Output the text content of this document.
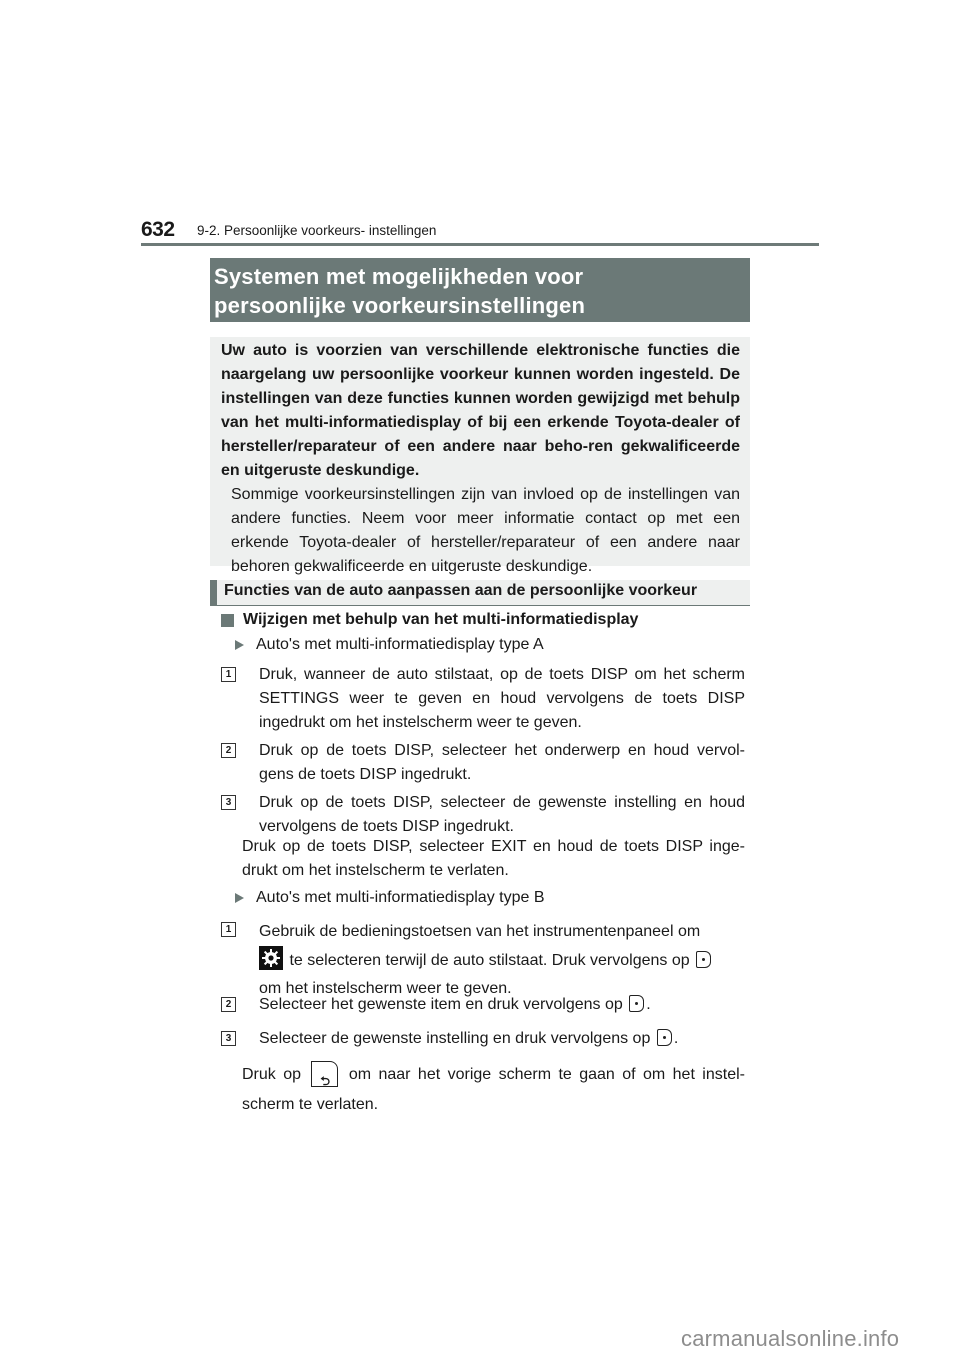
632 9-2. Persoonlijke voorkeurs- instellingen
Systemen met mogelijkheden voor
persoonlijke voorkeursinstellingen
Uw auto is voorzien van verschillende elektronische functies die naargelang uw persoonlijke voorkeur kunnen worden ingesteld. De instellingen van deze functies kunnen worden gewijzigd met behulp van het multi-informatiedisplay of bij een erkende Toyota-dealer of hersteller/reparateur of een andere naar beho-ren gekwalificeerde en uitgeruste deskundige.
Sommige voorkeursinstellingen zijn van invloed op de instellingen van andere functies. Neem voor meer informatie contact op met een erkende Toyota-dealer of hersteller/reparateur of een andere naar behoren gekwalificeerde en uitgeruste deskundige.
Functies van de auto aanpassen aan de persoonlijke voorkeur
Wijzigen met behulp van het multi-informatiedisplay
Auto's met multi-informatiedisplay type A
1 Druk, wanneer de auto stilstaat, op de toets DISP om het scherm SETTINGS weer te geven en houd vervolgens de toets DISP ingedrukt om het instelscherm weer te geven.
2 Druk op de toets DISP, selecteer het onderwerp en houd vervol-gens de toets DISP ingedrukt.
3 Druk op de toets DISP, selecteer de gewenste instelling en houd vervolgens de toets DISP ingedrukt.
Druk op de toets DISP, selecteer EXIT en houd de toets DISP inge-drukt om het instelscherm te verlaten.
Auto's met multi-informatiedisplay type B
1 Gebruik de bedieningstoetsen van het instrumentenpaneel om

te selecteren terwijl de auto stilstaat. Druk vervolgens op
om het instelscherm weer te geven.
2 Selecteer het gewenste item en druk vervolgens op .
3 Selecteer de gewenste instelling en druk vervolgens op .
Druk op ⮌ om naar het vorige scherm te gaan of om het instel-scherm te verlaten.
carmanualsonline.info
